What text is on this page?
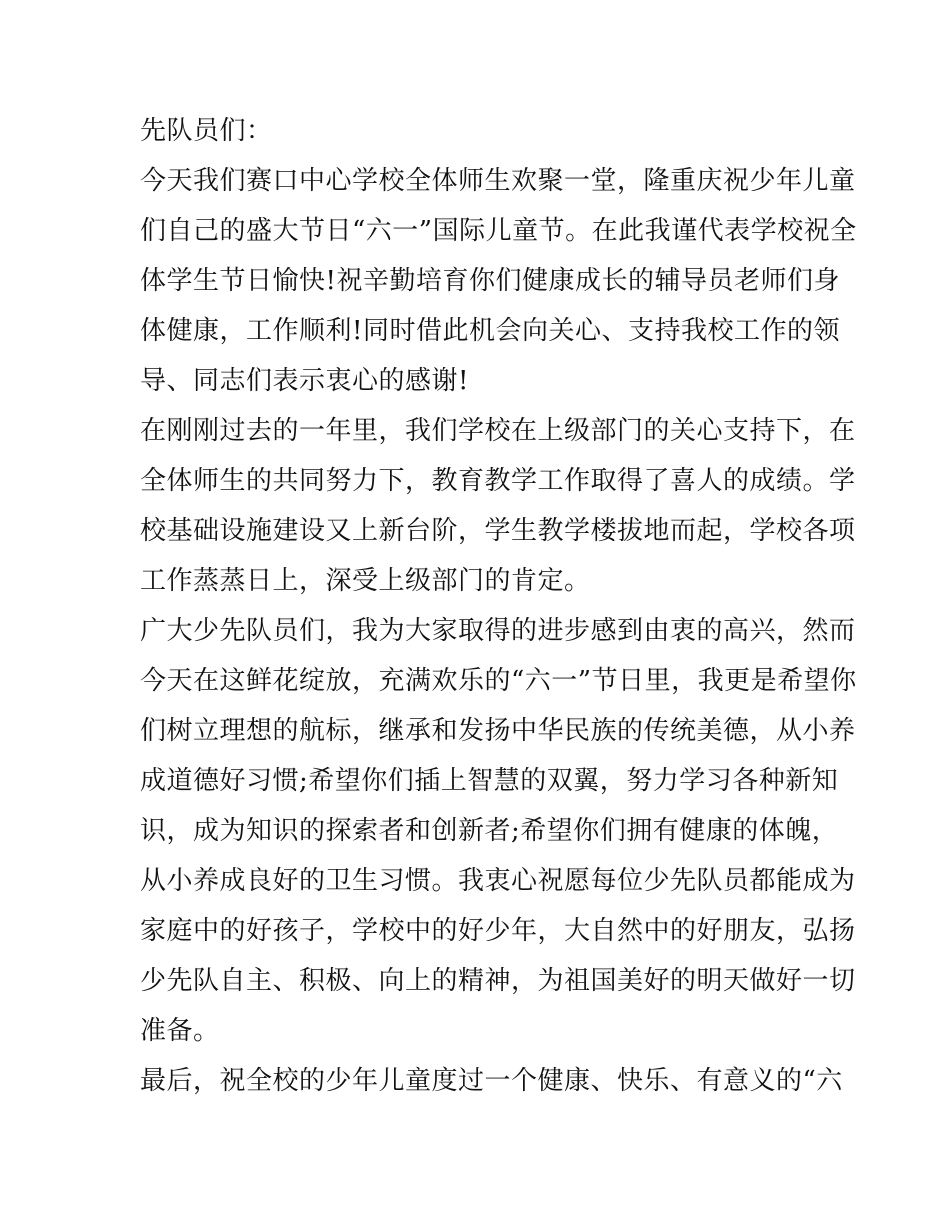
先队员们：

今天我们赛口中心学校全体师生欢聚一堂，隆重庆祝少年儿童

们自己的盛大节日“六一”国际儿童节。在此我谨代表学校祝全

体学生节日愉快!祝辛勤培育你们健康成长的辅导员老师们身

体健康，工作顺利!同时借此机会向关心、支持我校工作的领

导、同志们表示衷心的感谢!

在刚刚过去的一年里，我们学校在上级部门的关心支持下，在

全体师生的共同努力下，教育教学工作取得了喜人的成绩。学

校基础设施建设又上新台阶，学生教学楼拔地而起，学校各项

工作蒸蒸日上，深受上级部门的肯定。

广大少先队员们，我为大家取得的进步感到由衷的高兴，然而

今天在这鲜花绽放，充满欢乐的“六一”节日里，我更是希望你

们树立理想的航标，继承和发扬中华民族的传统美德，从小养

成道德好习惯;希望你们插上智慧的双翼，努力学习各种新知

识，成为知识的探索者和创新者;希望你们拥有健康的体魄，

从小养成良好的卫生习惯。我衷心祝愿每位少先队员都能成为

家庭中的好孩子，学校中的好少年，大自然中的好朋友，弘扬

少先队自主、积极、向上的精神，为祖国美好的明天做好一切

准备。

最后，祝全校的少年儿童度过一个健康、快乐、有意义的“六
